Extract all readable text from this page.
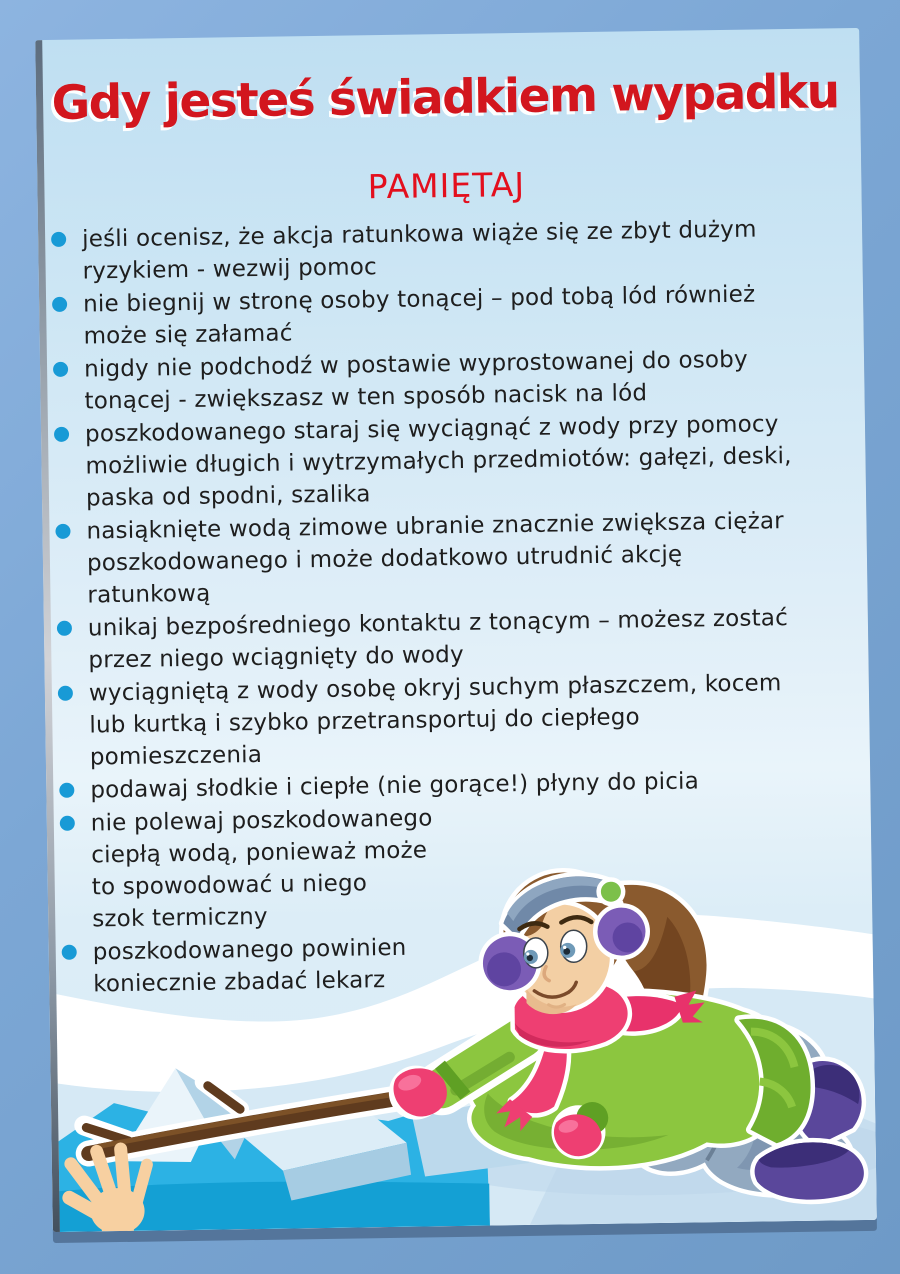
Gdy jesteś świadkiem wypadku
PAMIĘTAJ
jeśli ocenisz, że akcja ratunkowa wiąże się ze zbyt dużym
ryzykiem - wezwij pomoc
nie biegnij w stronę osoby tonącej – pod tobą lód również
może się załamać
nigdy nie podchodź w postawie wyprostowanej do osoby
tonącej - zwiększasz w ten sposób nacisk na lód
poszkodowanego staraj się wyciągnąć z wody przy pomocy
możliwie długich i wytrzymałych przedmiotów: gałęzi, deski,
paska od spodni, szalika
nasiąknięte wodą zimowe ubranie znacznie zwiększa ciężar
poszkodowanego i może dodatkowo utrudnić akcję
ratunkową
unikaj bezpośredniego kontaktu z tonącym – możesz zostać
przez niego wciągnięty do wody
wyciągniętą z wody osobę okryj suchym płaszczem, kocem
lub kurtką i szybko przetransportuj do ciepłego
pomieszczenia
podawaj słodkie i ciepłe (nie gorące!) płyny do picia
nie polewaj poszkodowanego
ciepłą wodą, ponieważ może
to spowodować u niego
szok termiczny
poszkodowanego powinien
koniecznie zbadać lekarz
